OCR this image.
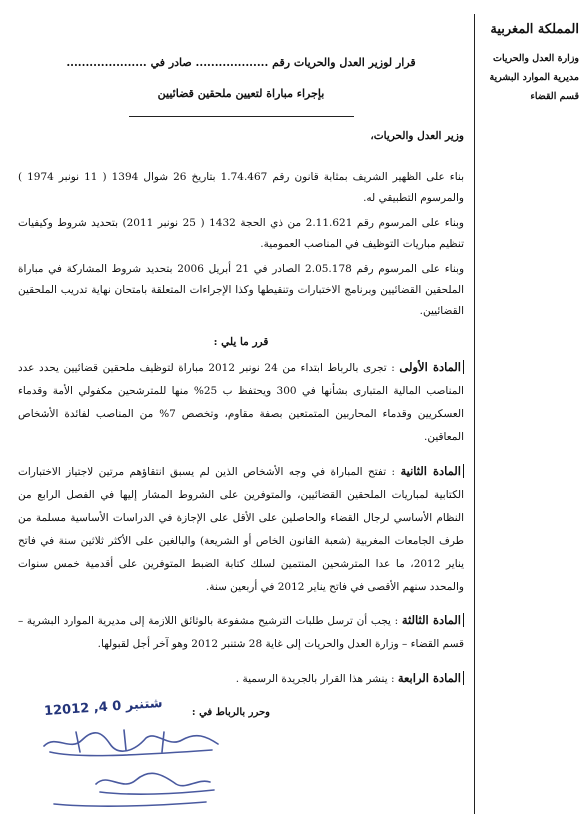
المملكة المغربية
وزارة العدل والحريات
مديرية الموارد البشرية
قسم القضاء

قرار لوزير العدل والحريات رقم ................... صادر في .....................

بإجراء مباراة لتعيين ملحقين قضائيين

وزير العدل والحريات،

بناء على الظهير الشريف بمثابة قانون رقم 1.74.467 بتاريخ 26 شوال 1394 ( 11 نونبر 1974 ) والمرسوم التطبيقي له.

وبناء على المرسوم رقم 2.11.621 من ذي الحجة 1432 ( 25 نونبر 2011) بتحديد شروط وكيفيات تنظيم مباريات التوظيف في المناصب العمومية.

وبناء على المرسوم رقم 2.05.178 الصادر في 21 أبريل 2006 بتحديد شروط المشاركة في مباراة الملحقين القضائيين وبرنامج الاختبارات وتنقيطها وكذا الإجراءات المتعلقة بامتحان نهاية تدريب الملحقين القضائيين.

قرر ما يلي :

المادة الأولى : تجرى بالرباط ابتداء من 24 نونبر 2012 مباراة لتوظيف ملحقين قضائيين يحدد عدد المناصب المالية المتبارى بشأنها في 300 ويحتفظ ب 25% منها للمترشحين مكفولي الأمة وقدماء العسكريين وقدماء المحاربين المتمتعين بصفة مقاوم، وتخصص 7% من المناصب لفائدة الأشخاص المعاقين.

المادة الثانية : تفتح المباراة في وجه الأشخاص الذين لم يسبق انتقاؤهم مرتين لاجتياز الاختبارات الكتابية لمباريات الملحقين القضائيين، والمتوفرين على الشروط المشار إليها في الفصل الرابع من النظام الأساسي لرجال القضاء والحاصلين على الأقل على الإجازة في الدراسات الأساسية مسلمة من طرف الجامعات المغربية (شعبة القانون الخاص أو الشريعة) والبالغين على الأكثر ثلاثين سنة في فاتح يناير 2012، ما عدا المترشحين المنتمين لسلك كتابة الضبط المتوفرين على أقدمية خمس سنوات والمحدد سنهم الأقصى في فاتح يناير 2012 في أربعين سنة.

المادة الثالثة : يجب أن ترسل طلبات الترشيح مشفوعة بالوثائق اللازمة إلى مديرية الموارد البشرية – قسم القضاء – وزارة العدل والحريات إلى غاية 28 شتنبر 2012 وهو آخر أجل لقبولها.

المادة الرابعة : ينشر هذا القرار بالجريدة الرسمية .

وحرر بالرباط في :
12012 ,4 0 شتنبر
